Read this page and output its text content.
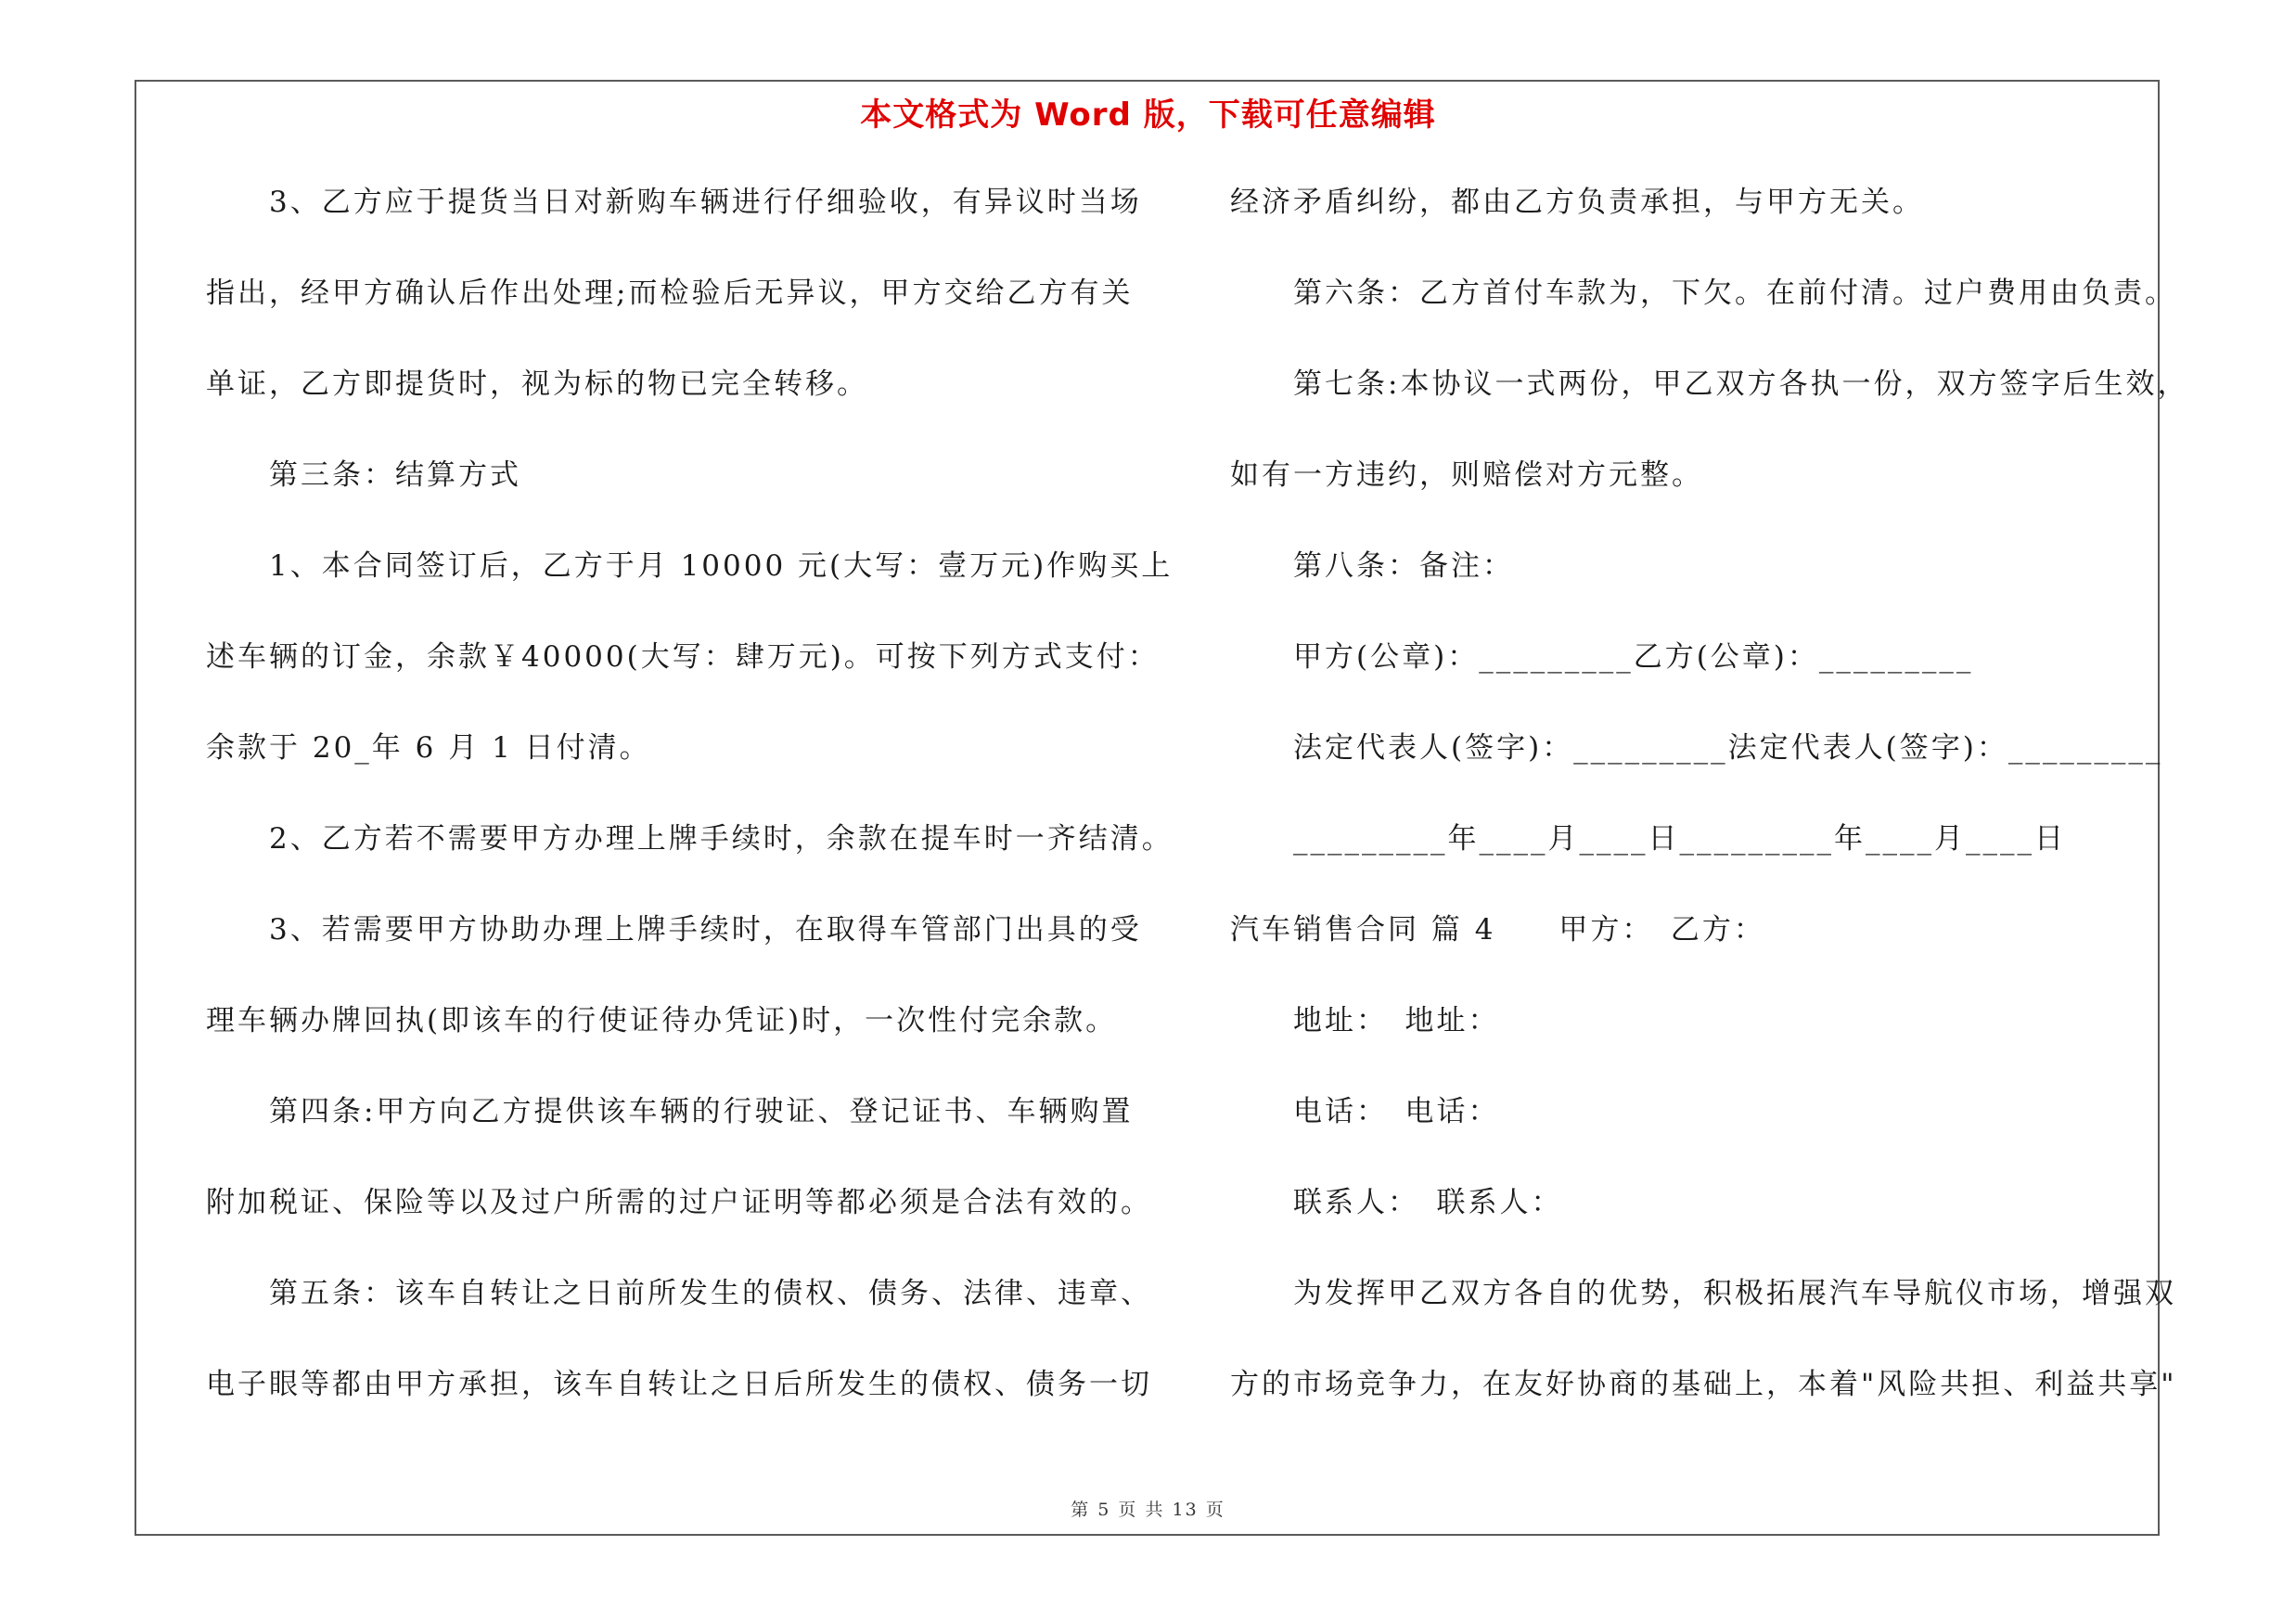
本文格式为 Word 版，下载可任意编辑
　　3、乙方应于提货当日对新购车辆进行仔细验收，有异议时当场
指出，经甲方确认后作出处理;而检验后无异议，甲方交给乙方有关
单证，乙方即提货时，视为标的物已完全转移。
　　第三条：结算方式
　　1、本合同签订后，乙方于月 10000 元(大写：壹万元)作购买上
述车辆的订金，余款￥40000(大写：肆万元)。可按下列方式支付：
余款于 20_年 6 月 1 日付清。
　　2、乙方若不需要甲方办理上牌手续时，余款在提车时一齐结清。
　　3、若需要甲方协助办理上牌手续时，在取得车管部门出具的受
理车辆办牌回执(即该车的行使证待办凭证)时，一次性付完余款。
　　第四条:甲方向乙方提供该车辆的行驶证、登记证书、车辆购置
附加税证、保险等以及过户所需的过户证明等都必须是合法有效的。
　　第五条：该车自转让之日前所发生的债权、债务、法律、违章、
电子眼等都由甲方承担，该车自转让之日后所发生的债权、债务一切
经济矛盾纠纷，都由乙方负责承担，与甲方无关。
　　第六条：乙方首付车款为，下欠。在前付清。过户费用由负责。
　　第七条:本协议一式两份，甲乙双方各执一份，双方签字后生效，
如有一方违约，则赔偿对方元整。
　　第八条：备注：
　　甲方(公章)：_________乙方(公章)：_________
　　法定代表人(签字)：_________法定代表人(签字)：_________
　　_________年____月____日_________年____月____日
汽车销售合同 篇 4　　甲方：　乙方：
　　地址：　地址：
　　电话：　电话：
　　联系人：　联系人：
　　为发挥甲乙双方各自的优势，积极拓展汽车导航仪市场，增强双
方的市场竞争力，在友好协商的基础上，本着"风险共担、利益共享"
第 5 页 共 13 页
